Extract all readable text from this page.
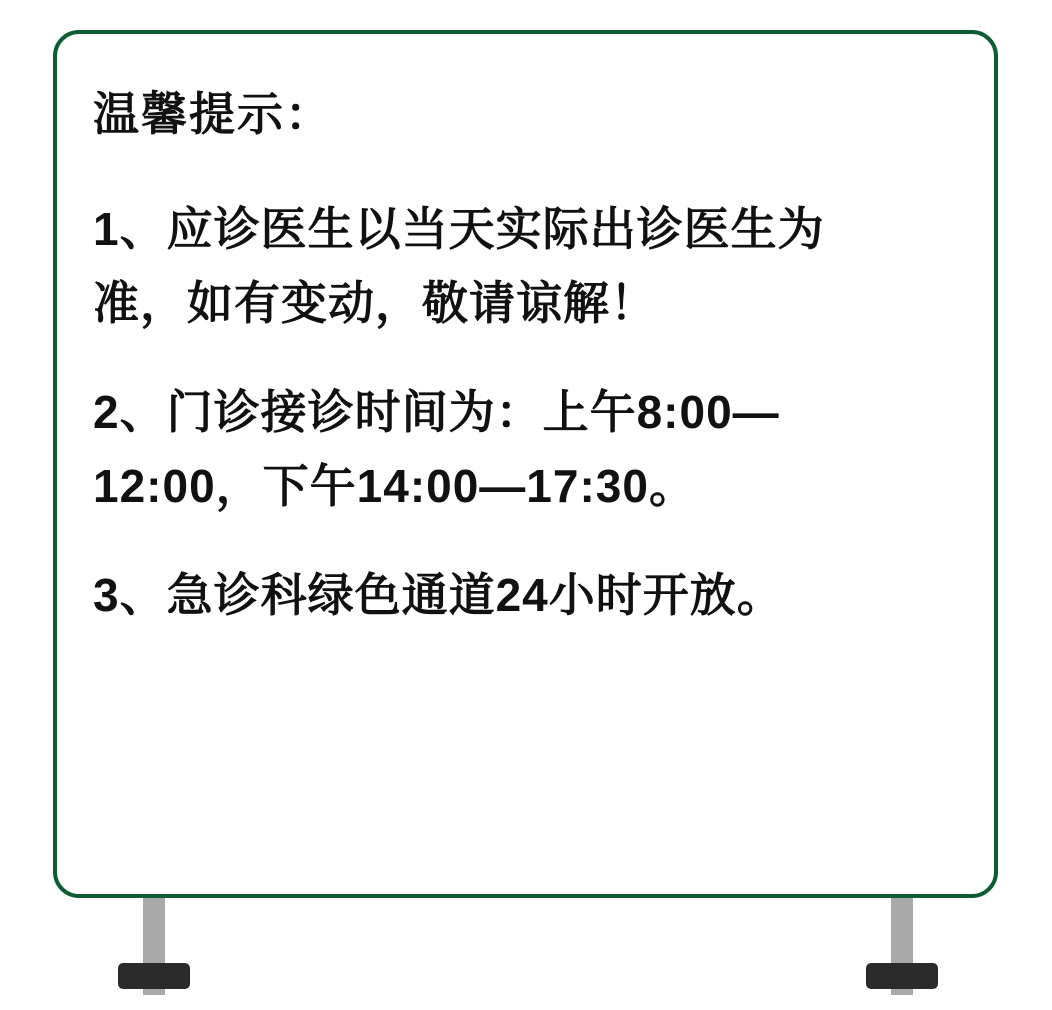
温馨提示：

1、应诊医生以当天实际出诊医生为准，如有变动，敬请谅解！

2、门诊接诊时间为：上午8:00—12:00，下午14:00—17:30。

3、急诊科绿色通道24小时开放。
